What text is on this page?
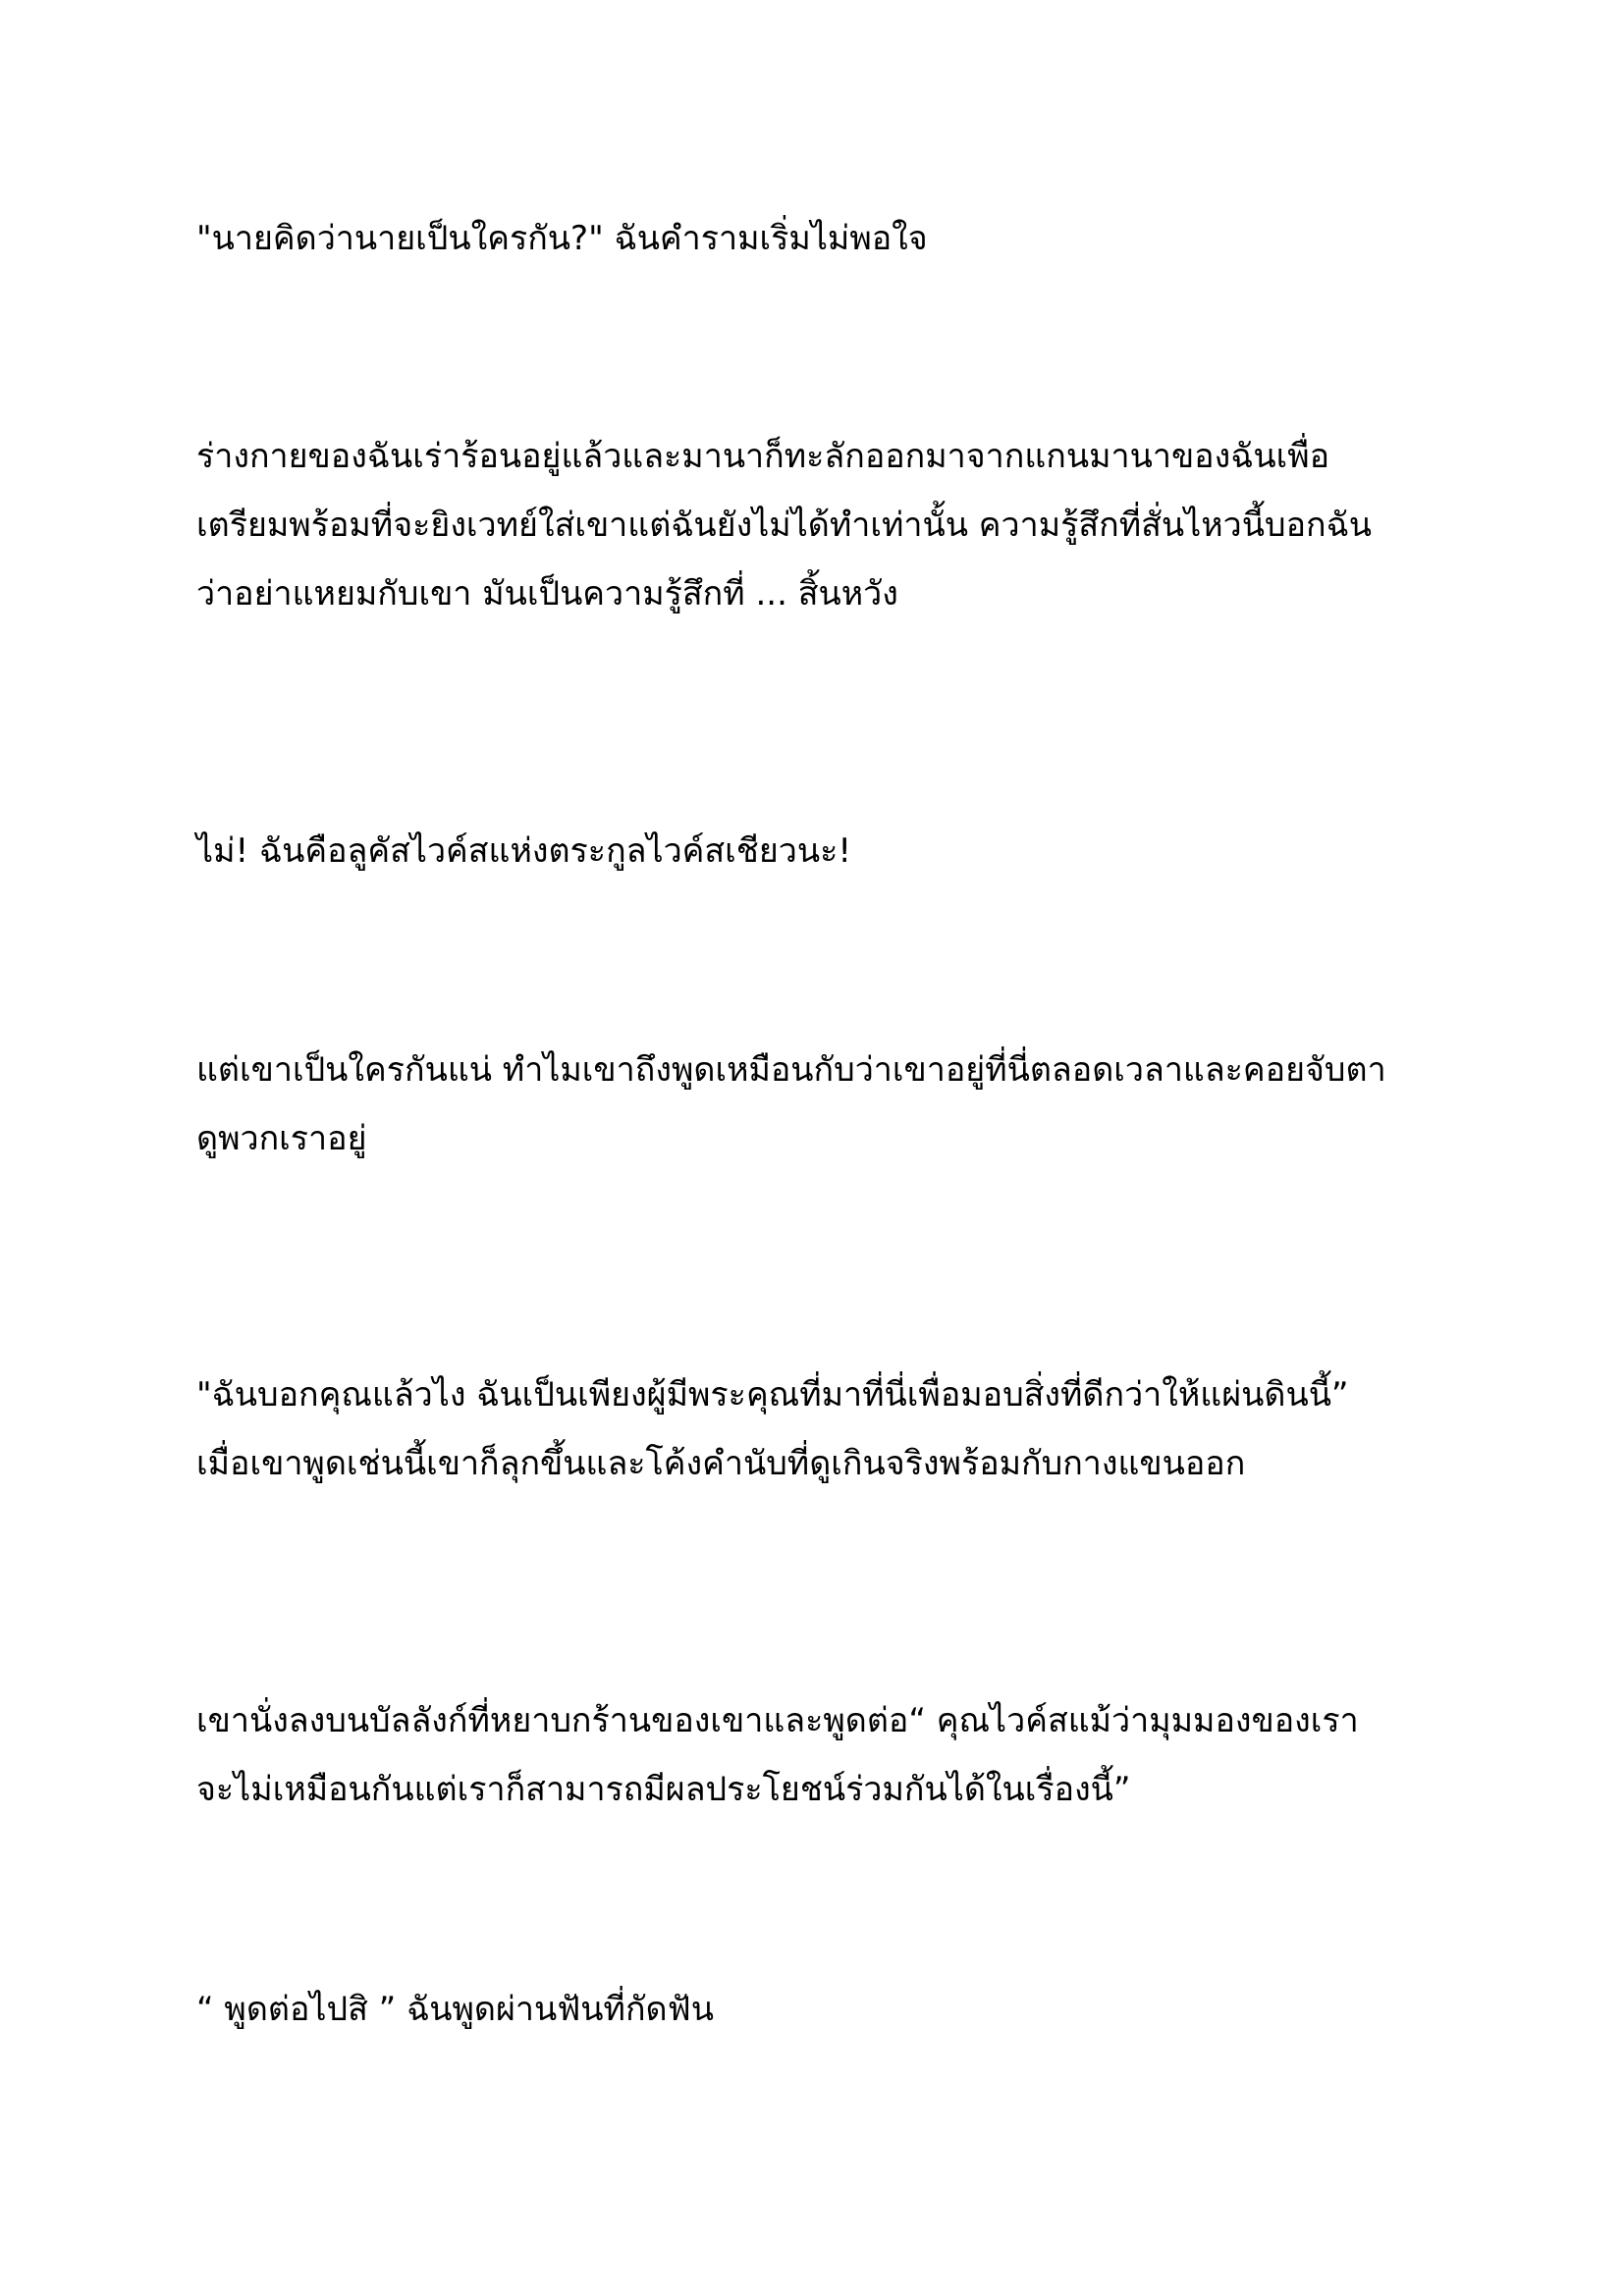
"นายคิดว่านายเป็นใครกัน?" ฉันคำรามเริ่มไม่พอใจ

ร่างกายของฉันเร่าร้อนอยู่แล้วและมานาก็ทะลักออกมาจากแกนมานาของฉันเพื่อ
เตรียมพร้อมที่จะยิงเวทย์ใส่เขาแต่ฉันยังไม่ได้ทำเท่านั้น ความรู้สึกที่สั่นไหวนี้บอกฉัน
ว่าอย่าแหยมกับเขา มันเป็นความรู้สึกที่ ... สิ้นหวัง

ไม่! ฉันคือลูคัสไวค์สแห่งตระกูลไวค์สเชียวนะ!

แต่เขาเป็นใครกันแน่ ทำไมเขาถึงพูดเหมือนกับว่าเขาอยู่ที่นี่ตลอดเวลาและคอยจับตา
ดูพวกเราอยู่

"ฉันบอกคุณแล้วไง ฉันเป็นเพียงผู้มีพระคุณที่มาที่นี่เพื่อมอบสิ่งที่ดีกว่าให้แผ่นดินนี้”
เมื่อเขาพูดเช่นนี้เขาก็ลุกขึ้นและโค้งคำนับที่ดูเกินจริงพร้อมกับกางแขนออก

เขานั่งลงบนบัลลังก์ที่หยาบกร้านของเขาและพูดต่อ“ คุณไวค์สแม้ว่ามุมมองของเรา
จะไม่เหมือนกันแต่เราก็สามารถมีผลประโยชน์ร่วมกันได้ในเรื่องนี้”

“ พูดต่อไปสิ ” ฉันพูดผ่านฟันที่กัดฟัน
